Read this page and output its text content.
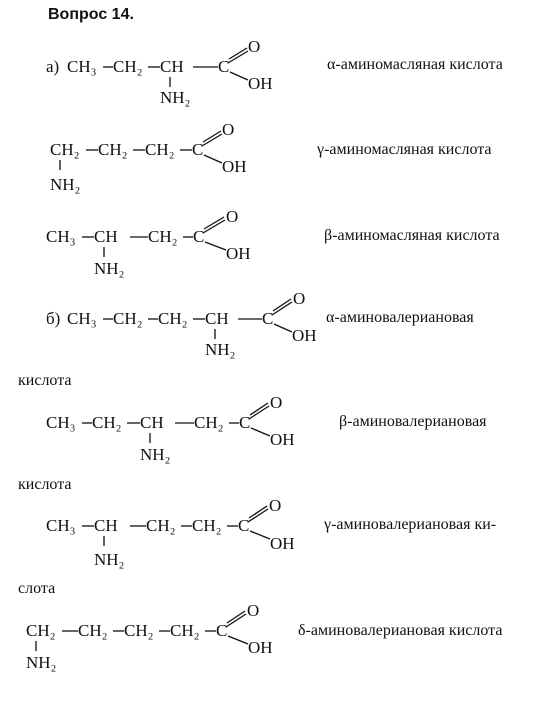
Вопрос 14.
а) CH₃ CH₂ CH
NH₂
C
O
OH
CH₂
NH₂
CH₂ CH₂ C
O
OH
CH₃ CH
NH₂
CH₂ C
O
OH
б) CH₃ CH₂ CH₂ CH
NH₂
C
O
OH
CH₃ CH₂ CH
NH₂
CH₂ C
O
OH
CH₃ CH
NH₂
CH₂ CH₂ C
O
OH
CH₂
NH₂
CH₂ CH₂ CH₂ C
O
OH
α-аминомасляная кислота
γ-аминомасляная кислота
β-аминомасляная кислота
α-аминовалериановая
кислота
β-аминовалериановая
кислота
γ-аминовалериановая ки-
слота
δ-аминовалериановая кислота
